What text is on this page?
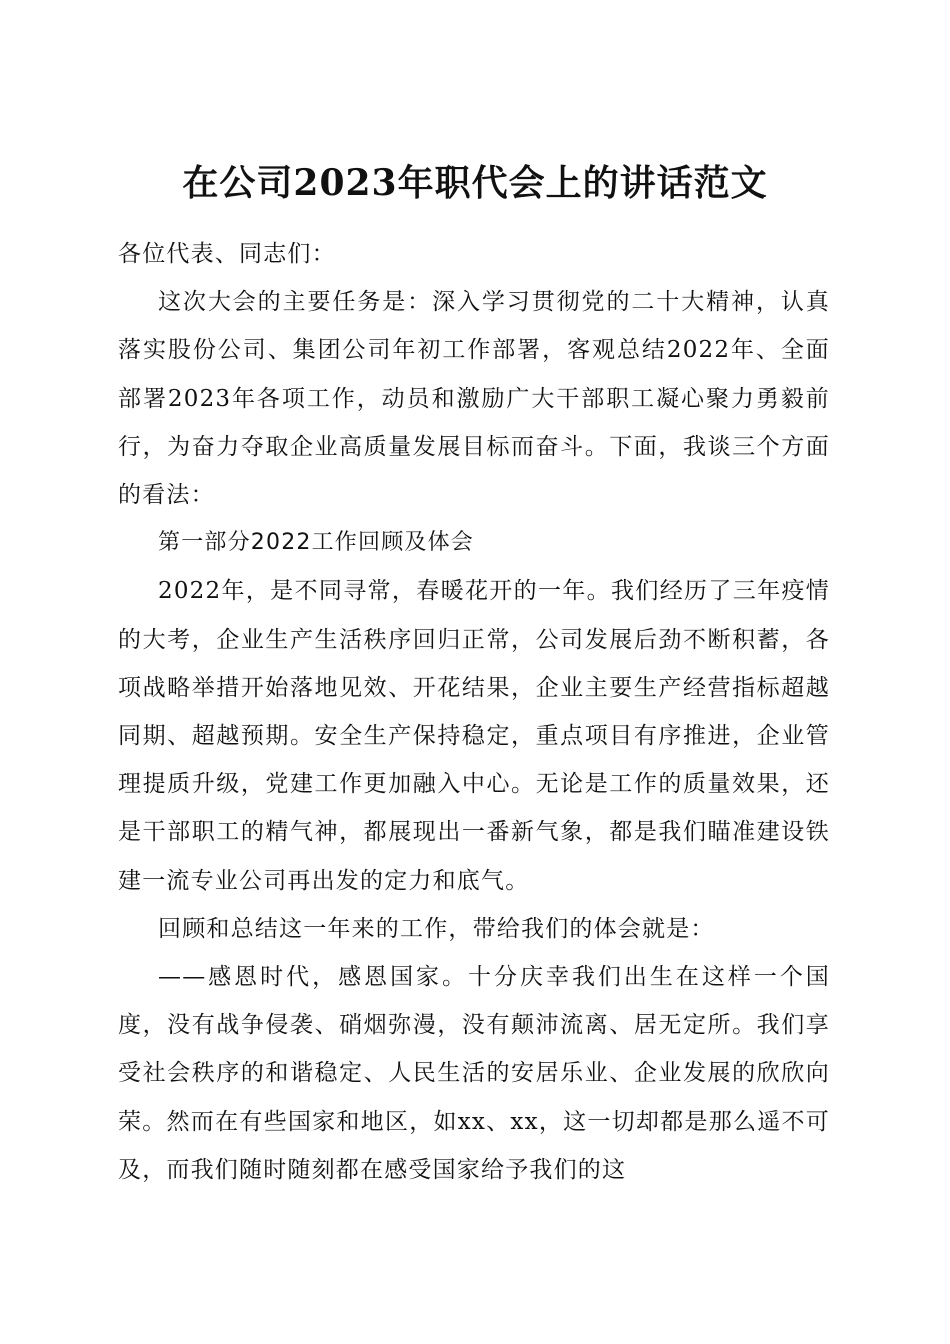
在公司2023年职代会上的讲话范文

各位代表、同志们：

这次大会的主要任务是：深入学习贯彻党的二十大精神，认真落实股份公司、集团公司年初工作部署，客观总结2022年、全面部署2023年各项工作，动员和激励广大干部职工凝心聚力勇毅前行，为奋力夺取企业高质量发展目标而奋斗。下面，我谈三个方面的看法：

第一部分2022工作回顾及体会

2022年，是不同寻常，春暖花开的一年。我们经历了三年疫情的大考，企业生产生活秩序回归正常，公司发展后劲不断积蓄，各项战略举措开始落地见效、开花结果，企业主要生产经营指标超越同期、超越预期。安全生产保持稳定，重点项目有序推进，企业管理提质升级，党建工作更加融入中心。无论是工作的质量效果，还是干部职工的精气神，都展现出一番新气象，都是我们瞄准建设铁建一流专业公司再出发的定力和底气。

回顾和总结这一年来的工作，带给我们的体会就是：

——感恩时代，感恩国家。十分庆幸我们出生在这样一个国度，没有战争侵袭、硝烟弥漫，没有颠沛流离、居无定所。我们享受社会秩序的和谐稳定、人民生活的安居乐业、企业发展的欣欣向荣。然而在有些国家和地区，如xx、xx，这一切却都是那么遥不可及，而我们随时随刻都在感受国家给予我们的这
